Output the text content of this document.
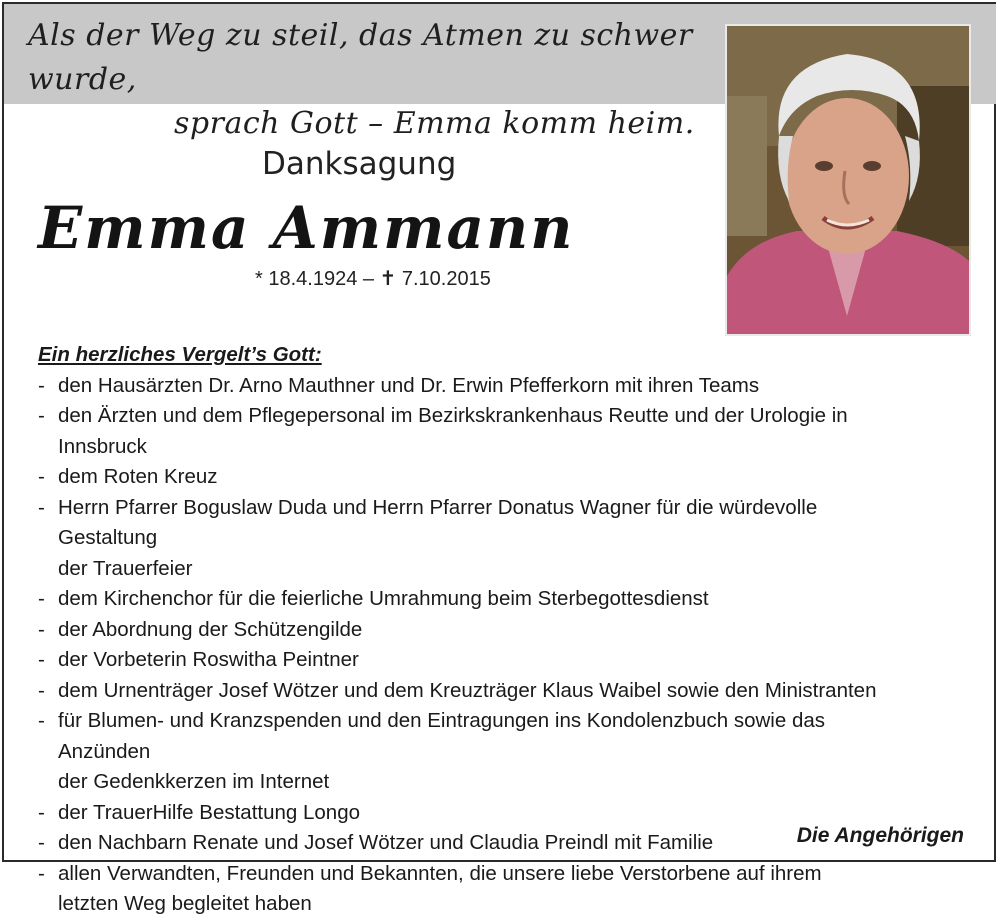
Als der Weg zu steil, das Atmen zu schwer wurde,
sprach Gott – Emma komm heim.
Danksagung
Emma Ammann
* 18.4.1924 – ✝ 7.10.2015
Ein herzliches Vergelt’s Gott:
- den Hausärzten Dr. Arno Mauthner und Dr. Erwin Pfefferkorn mit ihren Teams
- den Ärzten und dem Pflegepersonal im Bezirkskrankenhaus Reutte und der Urologie in Innsbruck
- dem Roten Kreuz
- Herrn Pfarrer Boguslaw Duda und Herrn Pfarrer Donatus Wagner für die würdevolle Gestaltung
der Trauerfeier
- dem Kirchenchor für die feierliche Umrahmung beim Sterbegottesdienst
- der Abordnung der Schützengilde
- der Vorbeterin Roswitha Peintner
- dem Urnenträger Josef Wötzer und dem Kreuzträger Klaus Waibel sowie den Ministranten
- für Blumen- und Kranzspenden und den Eintragungen ins Kondolenzbuch sowie das Anzünden
der Gedenkkerzen im Internet
- der TrauerHilfe Bestattung Longo
- den Nachbarn Renate und Josef Wötzer und Claudia Preindl mit Familie
- allen Verwandten, Freunden und Bekannten, die unsere liebe Verstorbene auf ihrem
letzten Weg begleitet haben
Die Angehörigen
